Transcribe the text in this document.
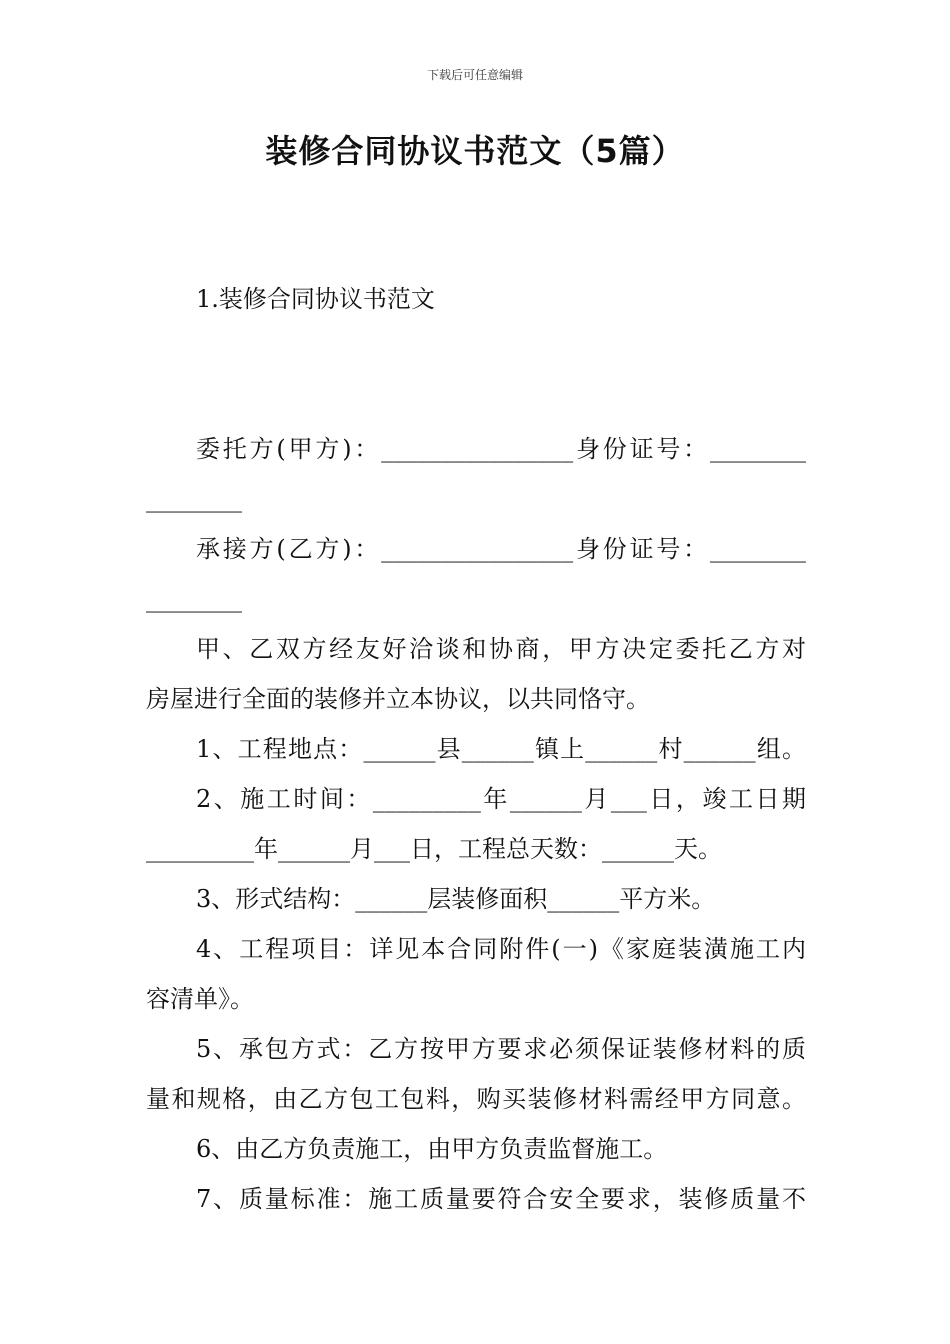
下载后可任意编辑
装修合同协议书范文（5篇）
1.装修合同协议书范文
委托方(甲方)：________________身份证号：________
________
承接方(乙方)：________________身份证号：________
________
甲、乙双方经友好洽谈和协商，甲方决定委托乙方对
房屋进行全面的装修并立本协议，以共同恪守。
1、工程地点：______县______镇上______村______组。
2、施工时间：_________年______月___日，竣工日期
_________年______月___日，工程总天数：______天。
3、形式结构：______层装修面积______平方米。
4、工程项目：详见本合同附件(一)《家庭装潢施工内
容清单》。
5、承包方式：乙方按甲方要求必须保证装修材料的质
量和规格，由乙方包工包料，购买装修材料需经甲方同意。
6、由乙方负责施工，由甲方负责监督施工。
7、质量标准：施工质量要符合安全要求，装修质量不
